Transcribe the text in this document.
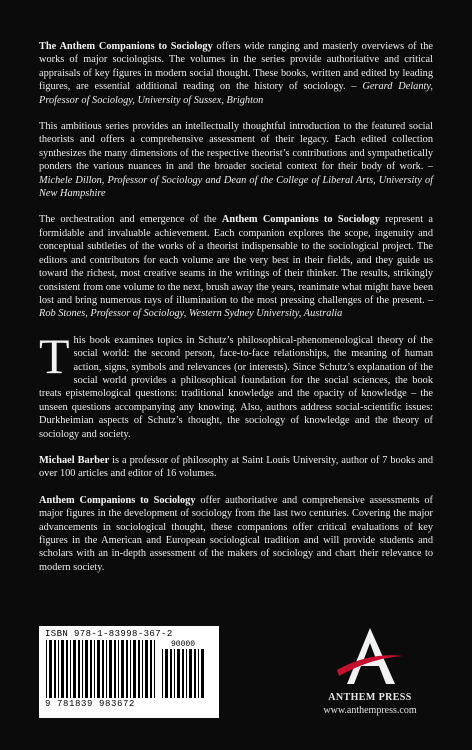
The Anthem Companions to Sociology offers wide ranging and masterly overviews of the works of major sociologists. The volumes in the series provide authoritative and critical appraisals of key figures in modern social thought. These books, written and edited by leading figures, are essential additional reading on the history of sociology. – Gerard Delanty, Professor of Sociology, University of Sussex, Brighton

This ambitious series provides an intellectually thoughtful introduction to the featured social theorists and offers a comprehensive assessment of their legacy. Each edited collection synthesizes the many dimensions of the respective theorist’s contributions and sympathetically ponders the various nuances in and the broader societal context for their body of work. – Michele Dillon, Professor of Sociology and Dean of the College of Liberal Arts, University of New Hampshire

The orchestration and emergence of the Anthem Companions to Sociology represent a formidable and invaluable achievement. Each companion explores the scope, ingenuity and conceptual subtleties of the works of a theorist indispensable to the sociological project. The editors and contributors for each volume are the very best in their fields, and they guide us toward the richest, most creative seams in the writings of their thinker. The results, strikingly consistent from one volume to the next, brush away the years, reanimate what might have been lost and bring numerous rays of illumination to the most pressing challenges of the present. – Rob Stones, Professor of Sociology, Western Sydney University, Australia

This book examines topics in Schutz’s philosophical-phenomenological theory of the social world: the second person, face-to-face relationships, the meaning of human action, signs, symbols and relevances (or interests). Since Schutz’s explanation of the social world provides a philosophical foundation for the social sciences, the book treats epistemological questions: traditional knowledge and the opacity of knowledge – the unseen questions accompanying any knowing. Also, authors address social-scientific issues: Durkheimian aspects of Schutz’s thought, the sociology of knowledge and the theory of sociology and society.

Michael Barber is a professor of philosophy at Saint Louis University, author of 7 books and over 100 articles and editor of 16 volumes.

Anthem Companions to Sociology offer authoritative and comprehensive assessments of major figures in the development of sociology from the last two centuries. Covering the major advancements in sociological thought, these companions offer critical evaluations of key figures in the American and European sociological tradition and will provide students and scholars with an in-depth assessment of the makers of sociology and chart their relevance to modern society.

ISBN 978-1-83998-367-2
90000
9 781839 983672
ANTHEM PRESS
www.anthempress.com
